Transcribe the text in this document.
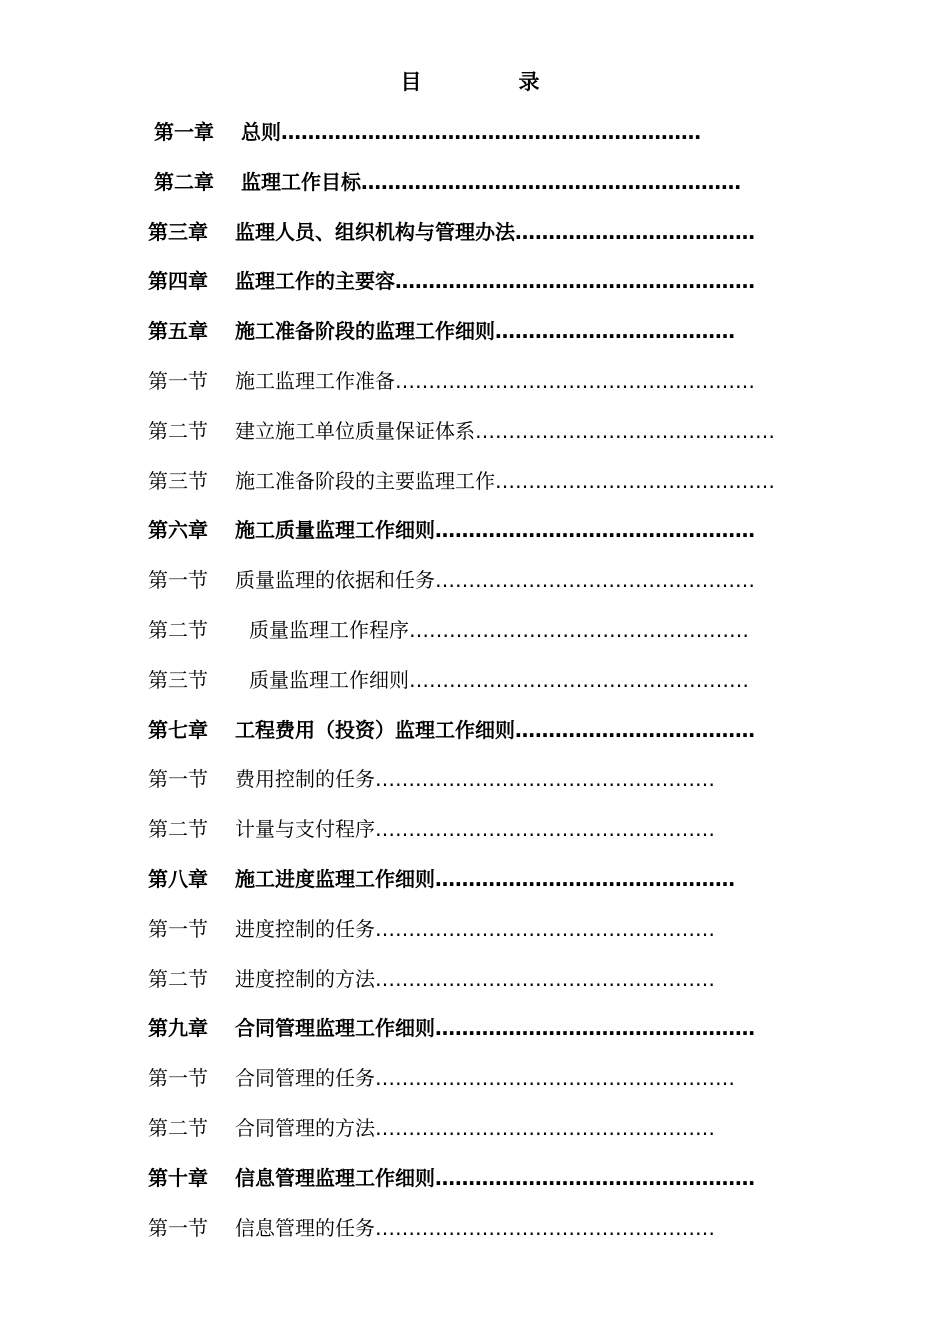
目　录
第一章 总则………………………………………………………
第二章 监理工作目标…………………………………………………
第三章 监理人员、组织机构与管理办法………………………………
第四章 监理工作的主要容………………………………………………
第五章 施工准备阶段的监理工作细则………………………………
第一节 施工监理工作准备………………………………………………
第二节 建立施工单位质量保证体系………………………………………
第三节 施工准备阶段的主要监理工作……………………………………
第六章 施工质量监理工作细则…………………………………………
第一节 质量监理的依据和任务…………………………………………
第二节 质量监理工作程序……………………………………………
第三节 质量监理工作细则……………………………………………
第七章 工程费用（投资）监理工作细则………………………………
第一节 费用控制的任务……………………………………………
第二节 计量与支付程序……………………………………………
第八章 施工进度监理工作细则………………………………………
第一节 进度控制的任务……………………………………………
第二节 进度控制的方法……………………………………………
第九章 合同管理监理工作细则…………………………………………
第一节 合同管理的任务………………………………………………
第二节 合同管理的方法……………………………………………
第十章 信息管理监理工作细则…………………………………………
第一节 信息管理的任务……………………………………………
